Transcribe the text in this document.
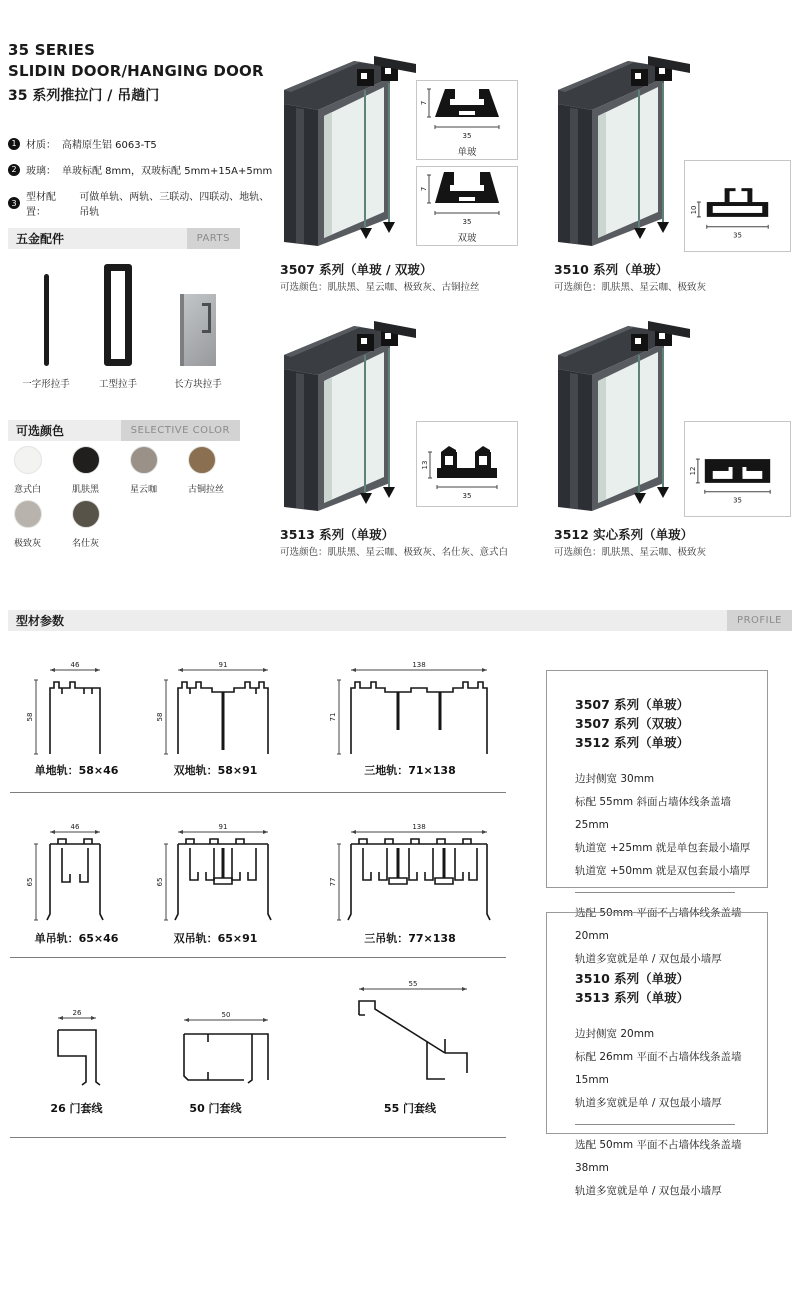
35 SERIES
SLIDIN DOOR/HANGING DOOR
35 系列推拉门 / 吊趟门
1 材质： 高精原生铝 6063-T5
2 玻璃： 单玻标配 8mm，双玻标配 5mm+15A+5mm
3 型材配置：
可做单轨、两轨、三联动、四联动、地轨、吊轨
五金配件	PARTS
一字形拉手	工型拉手	长方块拉手
可选颜色	SELECTIVE COLOR
意式白	肌肤黑	星云咖	古铜拉丝
极致灰	名仕灰
7
35
单玻
7
35
双玻
3507 系列（单玻 / 双玻）
可选颜色：肌肤黑、星云咖、极致灰、古铜拉丝
10
35
3510 系列（单玻）
可选颜色：肌肤黑、星云咖、极致灰
13
35
3513 系列（单玻）
可选颜色：肌肤黑、星云咖、极致灰、名仕灰、意式白
12
35
3512 实心系列（单玻）
可选颜色：肌肤黑、星云咖、极致灰
型材参数	PROFILE
46
58
单地轨：58×46
91
58
双地轨：58×91
138
71
三地轨：71×138
46
65
单吊轨：65×46
91
65
双吊轨：65×91
138
77
三吊轨：77×138
26
26 门套线
50
50 门套线
55
55 门套线
3507 系列（单玻）
3507 系列（双玻）
3512 系列（单玻）
边封侧宽 30mm
标配 55mm 斜面占墙体线条盖墙 25mm
轨道宽 +25mm 就是单包套最小墙厚
轨道宽 +50mm 就是双包套最小墙厚
选配 50mm 平面不占墙体线条盖墙 20mm
轨道多宽就是单 / 双包最小墙厚
3510 系列（单玻）
3513 系列（单玻）
边封侧宽 20mm
标配 26mm 平面不占墙体线条盖墙 15mm
轨道多宽就是单 / 双包最小墙厚
选配 50mm 平面不占墙体线条盖墙 38mm
轨道多宽就是单 / 双包最小墙厚
